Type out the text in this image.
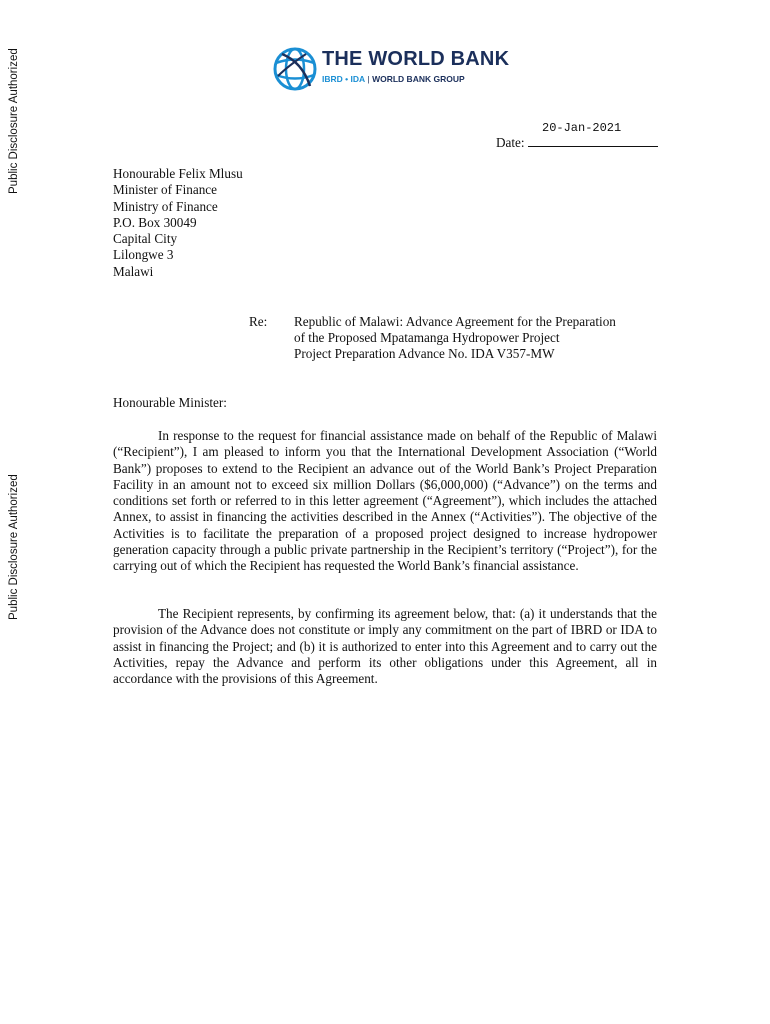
Public Disclosure Authorized
Public Disclosure Authorized
THE WORLD BANK
IBRD • IDA | WORLD BANK GROUP
20-Jan-2021
Date:
Honourable Felix Mlusu
Minister of Finance
Ministry of Finance
P.O. Box 30049
Capital City
Lilongwe 3
Malawi
Re: Republic of Malawi: Advance Agreement for the Preparation
of the Proposed Mpatamanga Hydropower Project
Project Preparation Advance No. IDA V357-MW
Honourable Minister:

In response to the request for financial assistance made on behalf of the Republic of Malawi (“Recipient”), I am pleased to inform you that the International Development Association (“World Bank”) proposes to extend to the Recipient an advance out of the World Bank’s Project Preparation Facility in an amount not to exceed six million Dollars ($6,000,000) (“Advance”) on the terms and conditions set forth or referred to in this letter agreement (“Agreement”), which includes the attached Annex, to assist in financing the activities described in the Annex (“Activities”). The objective of the Activities is to facilitate the preparation of a proposed project designed to increase hydropower generation capacity through a public private partnership in the Recipient’s territory (“Project”), for the carrying out of which the Recipient has requested the World Bank’s financial assistance.

The Recipient represents, by confirming its agreement below, that: (a) it understands that the provision of the Advance does not constitute or imply any commitment on the part of IBRD or IDA to assist in financing the Project; and (b) it is authorized to enter into this Agreement and to carry out the Activities, repay the Advance and perform its other obligations under this Agreement, all in accordance with the provisions of this Agreement.
